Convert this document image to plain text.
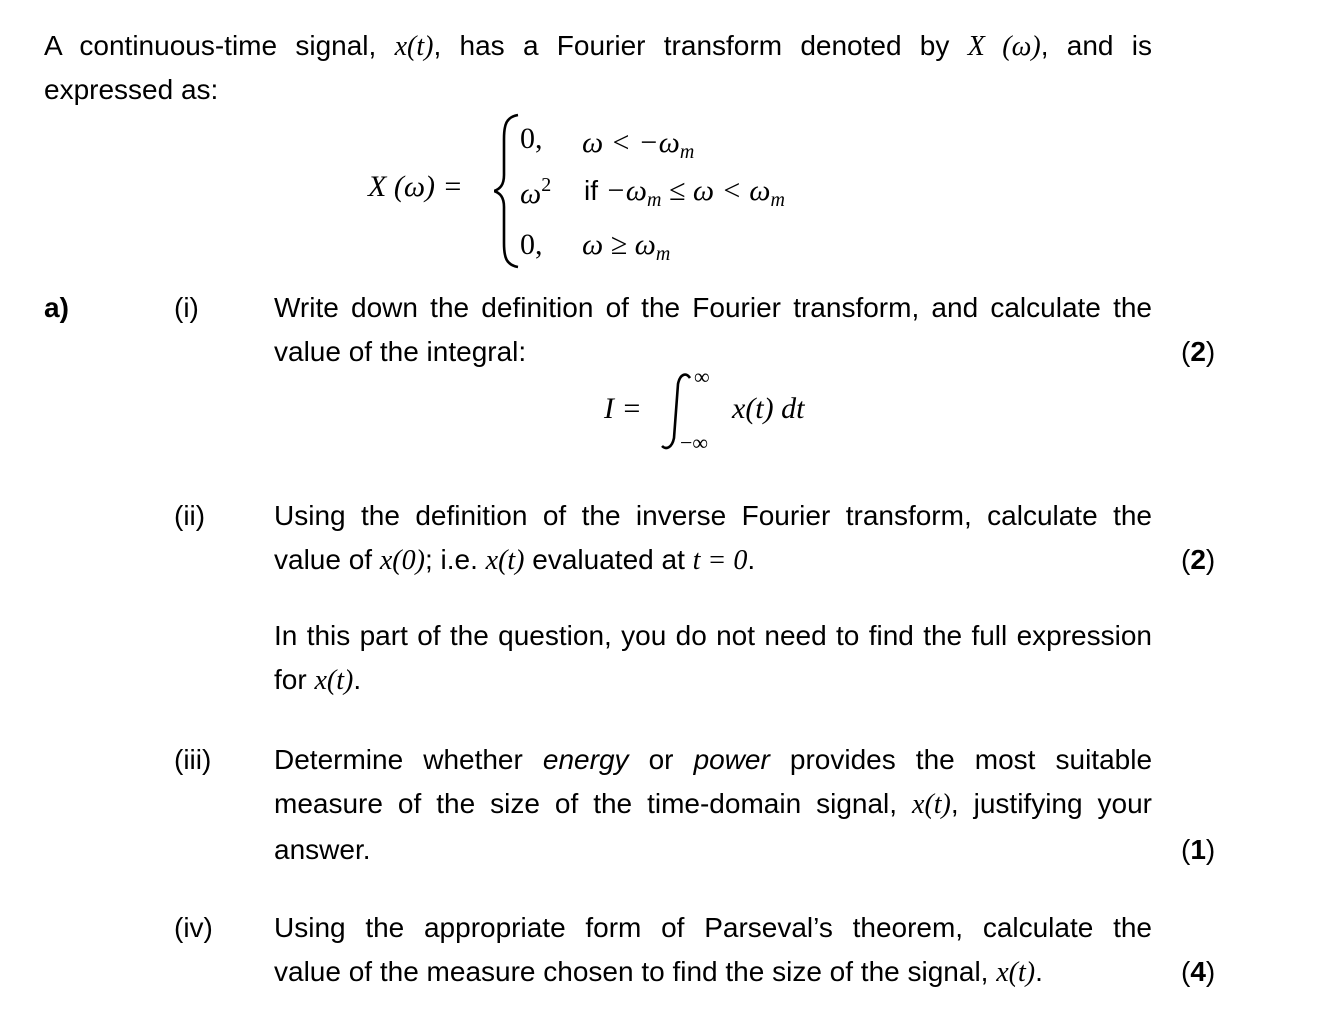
A continuous-time signal, x(t), has a Fourier transform denoted by X (ω), and is
expressed as:
X (ω) =
0, $\omega < -\omega_m$
$\omega^2$ if $-\omega_m \le \omega < \omega_m$
0, $\omega \ge \omega_m$
a)	(i)	Write down the definition of the Fourier transform, and calculate the
value of the integral:	(2)
I =
∞
−∞
x(t) dt
(ii) Using the definition of the inverse Fourier transform, calculate the
value of x(0); i.e. x(t) evaluated at t = 0.	(2)
In this part of the question, you do not need to find the full expression
for x(t).
(iii) Determine whether energy or power provides the most suitable
measure of the size of the time-domain signal, x(t), justifying your
answer.	(1)
(iv) Using the appropriate form of Parseval’s theorem, calculate the
value of the measure chosen to find the size of the signal, x(t).	(4)
